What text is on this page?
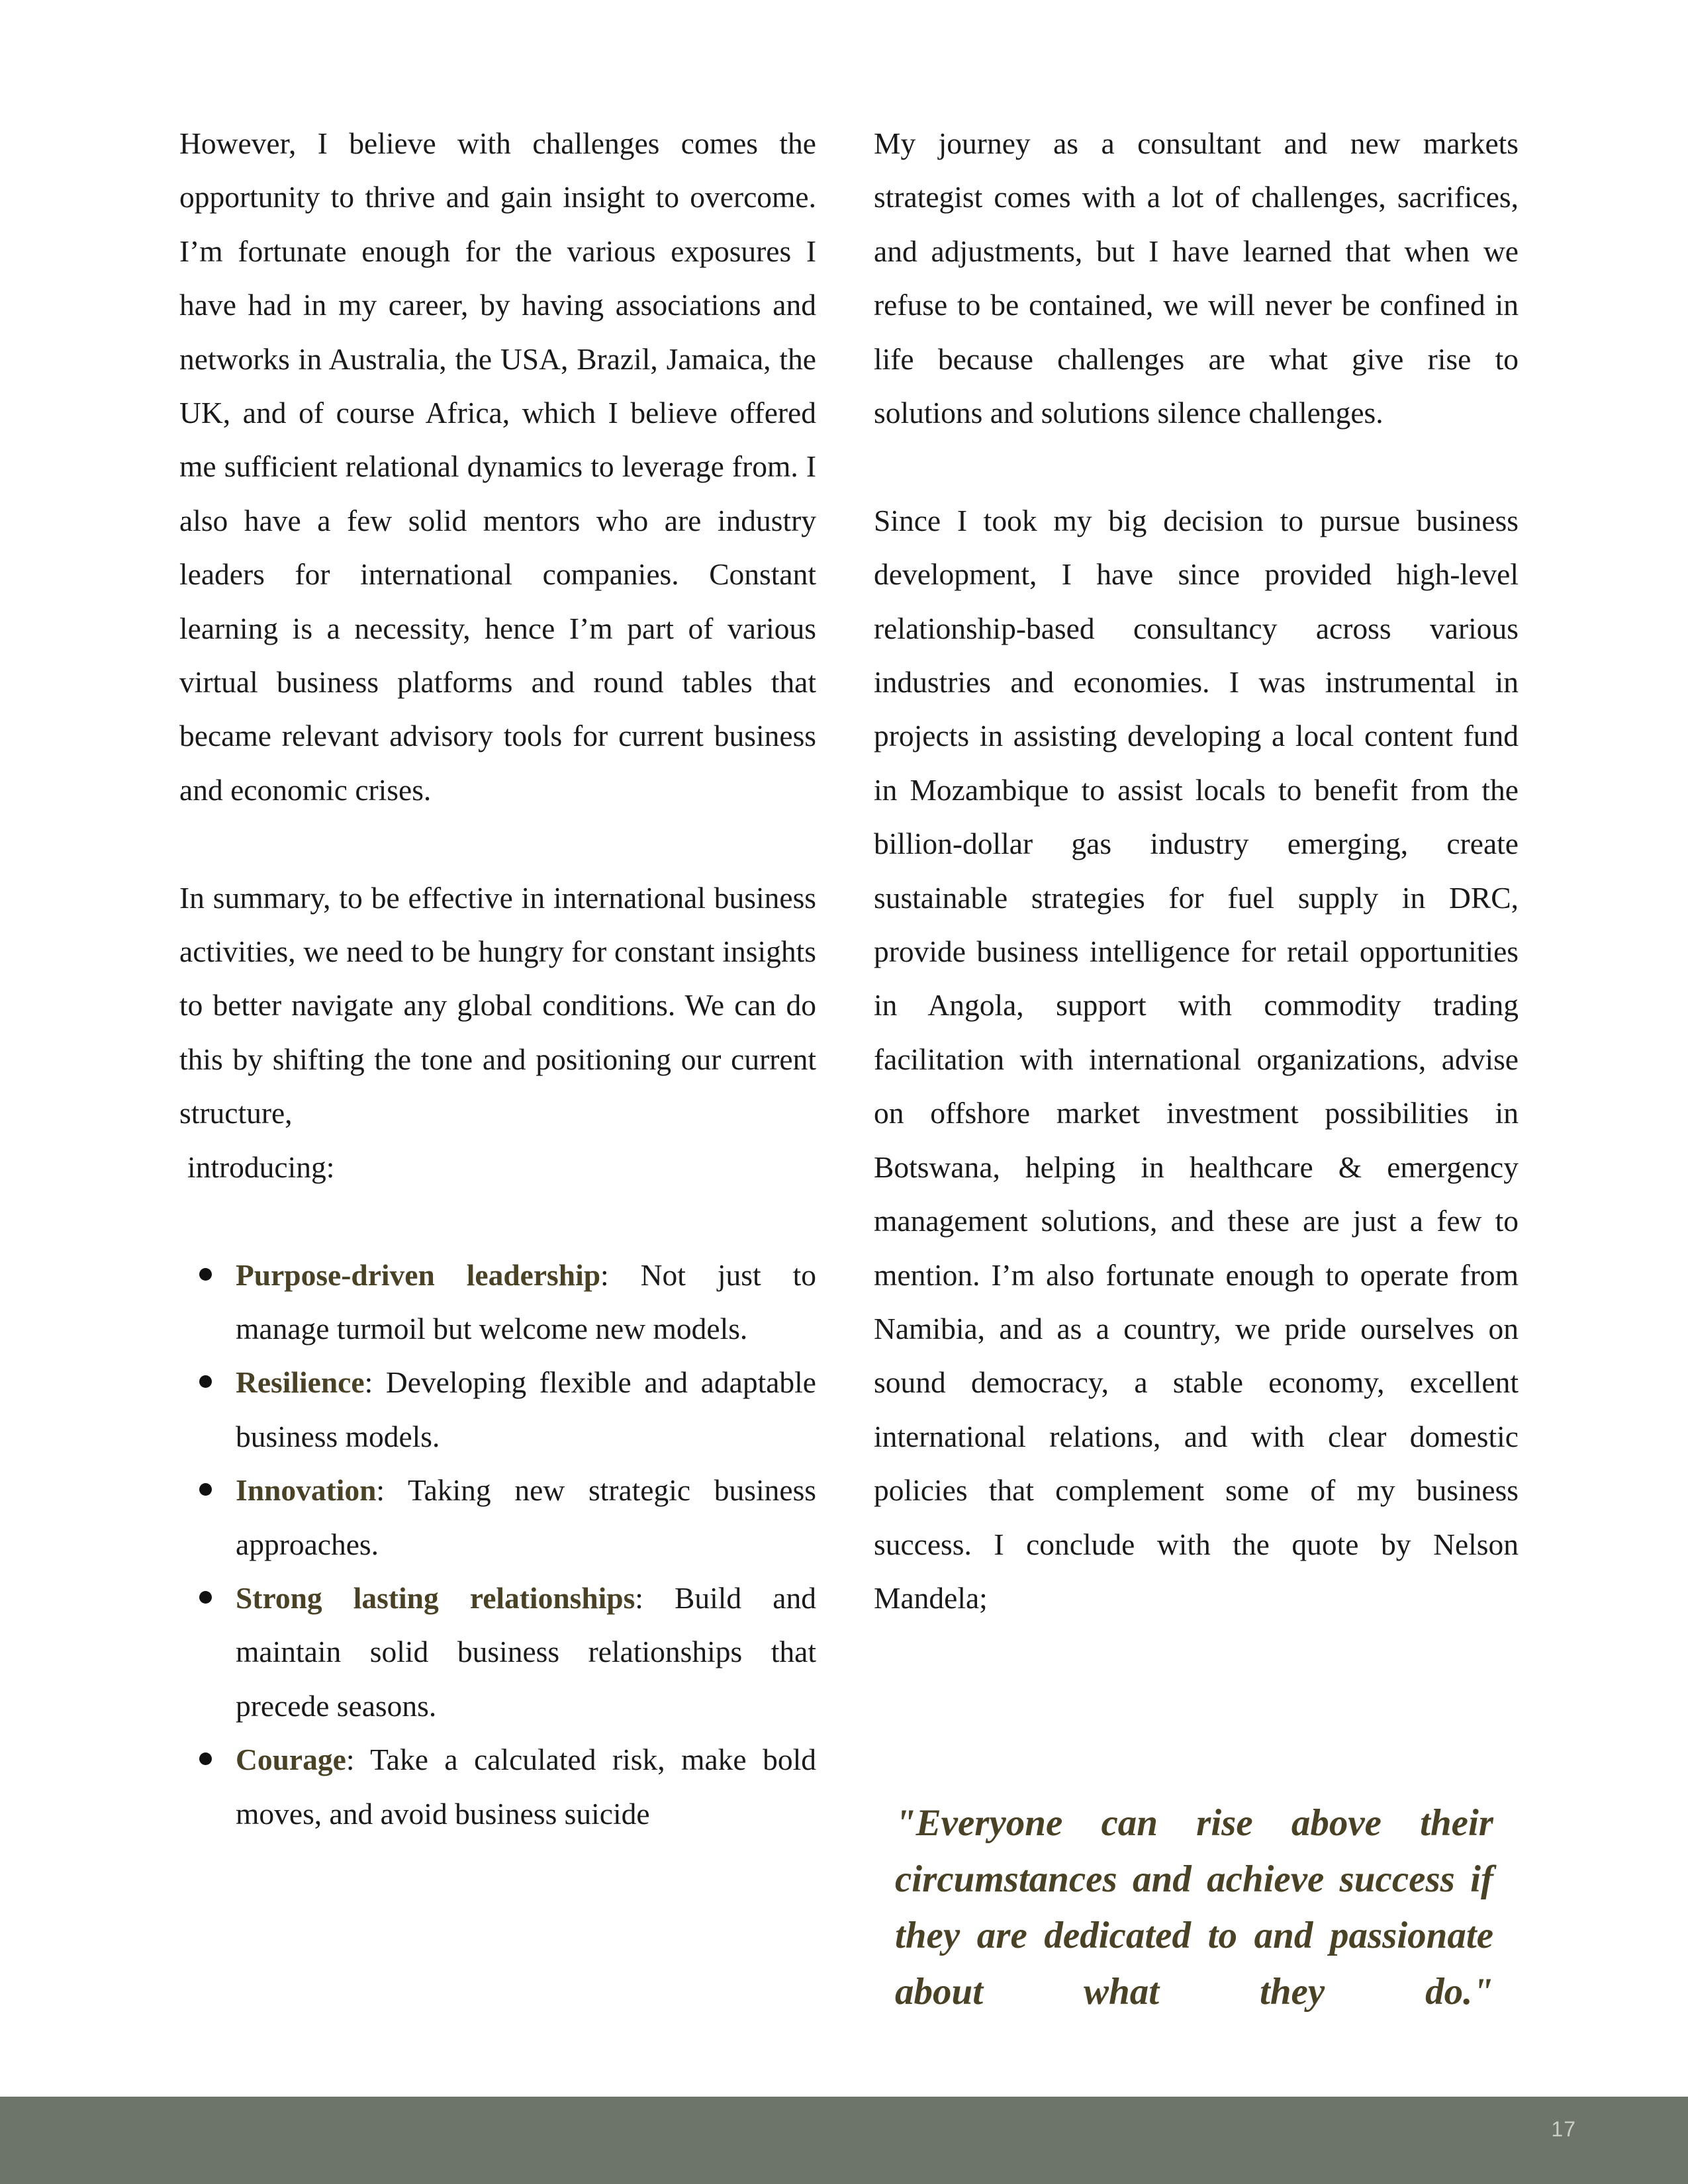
However, I believe with challenges comes the opportunity to thrive and gain insight to overcome. I’m fortunate enough for the various exposures I have had in my career, by having associations and networks in Australia, the USA, Brazil, Jamaica, the UK, and of course Africa, which I believe offered me sufficient relational dynamics to leverage from. I also have a few solid mentors who are industry leaders for international companies. Constant learning is a necessity, hence I’m part of various virtual business platforms and round tables that became relevant advisory tools for current business and economic crises.

In summary, to be effective in international business activities, we need to be hungry for constant insights to better navigate any global conditions. We can do this by shifting the tone and positioning our current structure,
introducing:

Purpose-driven leadership: Not just to manage turmoil but welcome new models.
Resilience: Developing flexible and adaptable business models.
Innovation: Taking new strategic business approaches.
Strong lasting relationships: Build and maintain solid business relationships that precede seasons.
Courage: Take a calculated risk, make bold moves, and avoid business suicide

My journey as a consultant and new markets strategist comes with a lot of challenges, sacrifices, and adjustments, but I have learned that when we refuse to be contained, we will never be confined in life because challenges are what give rise to solutions and solutions silence challenges.

Since I took my big decision to pursue business development, I have since provided high-level relationship-based consultancy across various industries and economies. I was instrumental in projects in assisting developing a local content fund in Mozambique to assist locals to benefit from the billion-dollar gas industry emerging, create sustainable strategies for fuel supply in DRC, provide business intelligence for retail opportunities in Angola, support with commodity trading facilitation with international organizations, advise on offshore market investment possibilities in Botswana, helping in healthcare & emergency management solutions, and these are just a few to mention. I’m also fortunate enough to operate from Namibia, and as a country, we pride ourselves on sound democracy, a stable economy, excellent international relations, and with clear domestic policies that complement some of my business success. I conclude with the quote by Nelson Mandela;

"Everyone can rise above their circumstances and achieve success if they are dedicated to and passionate about what they do."
17
